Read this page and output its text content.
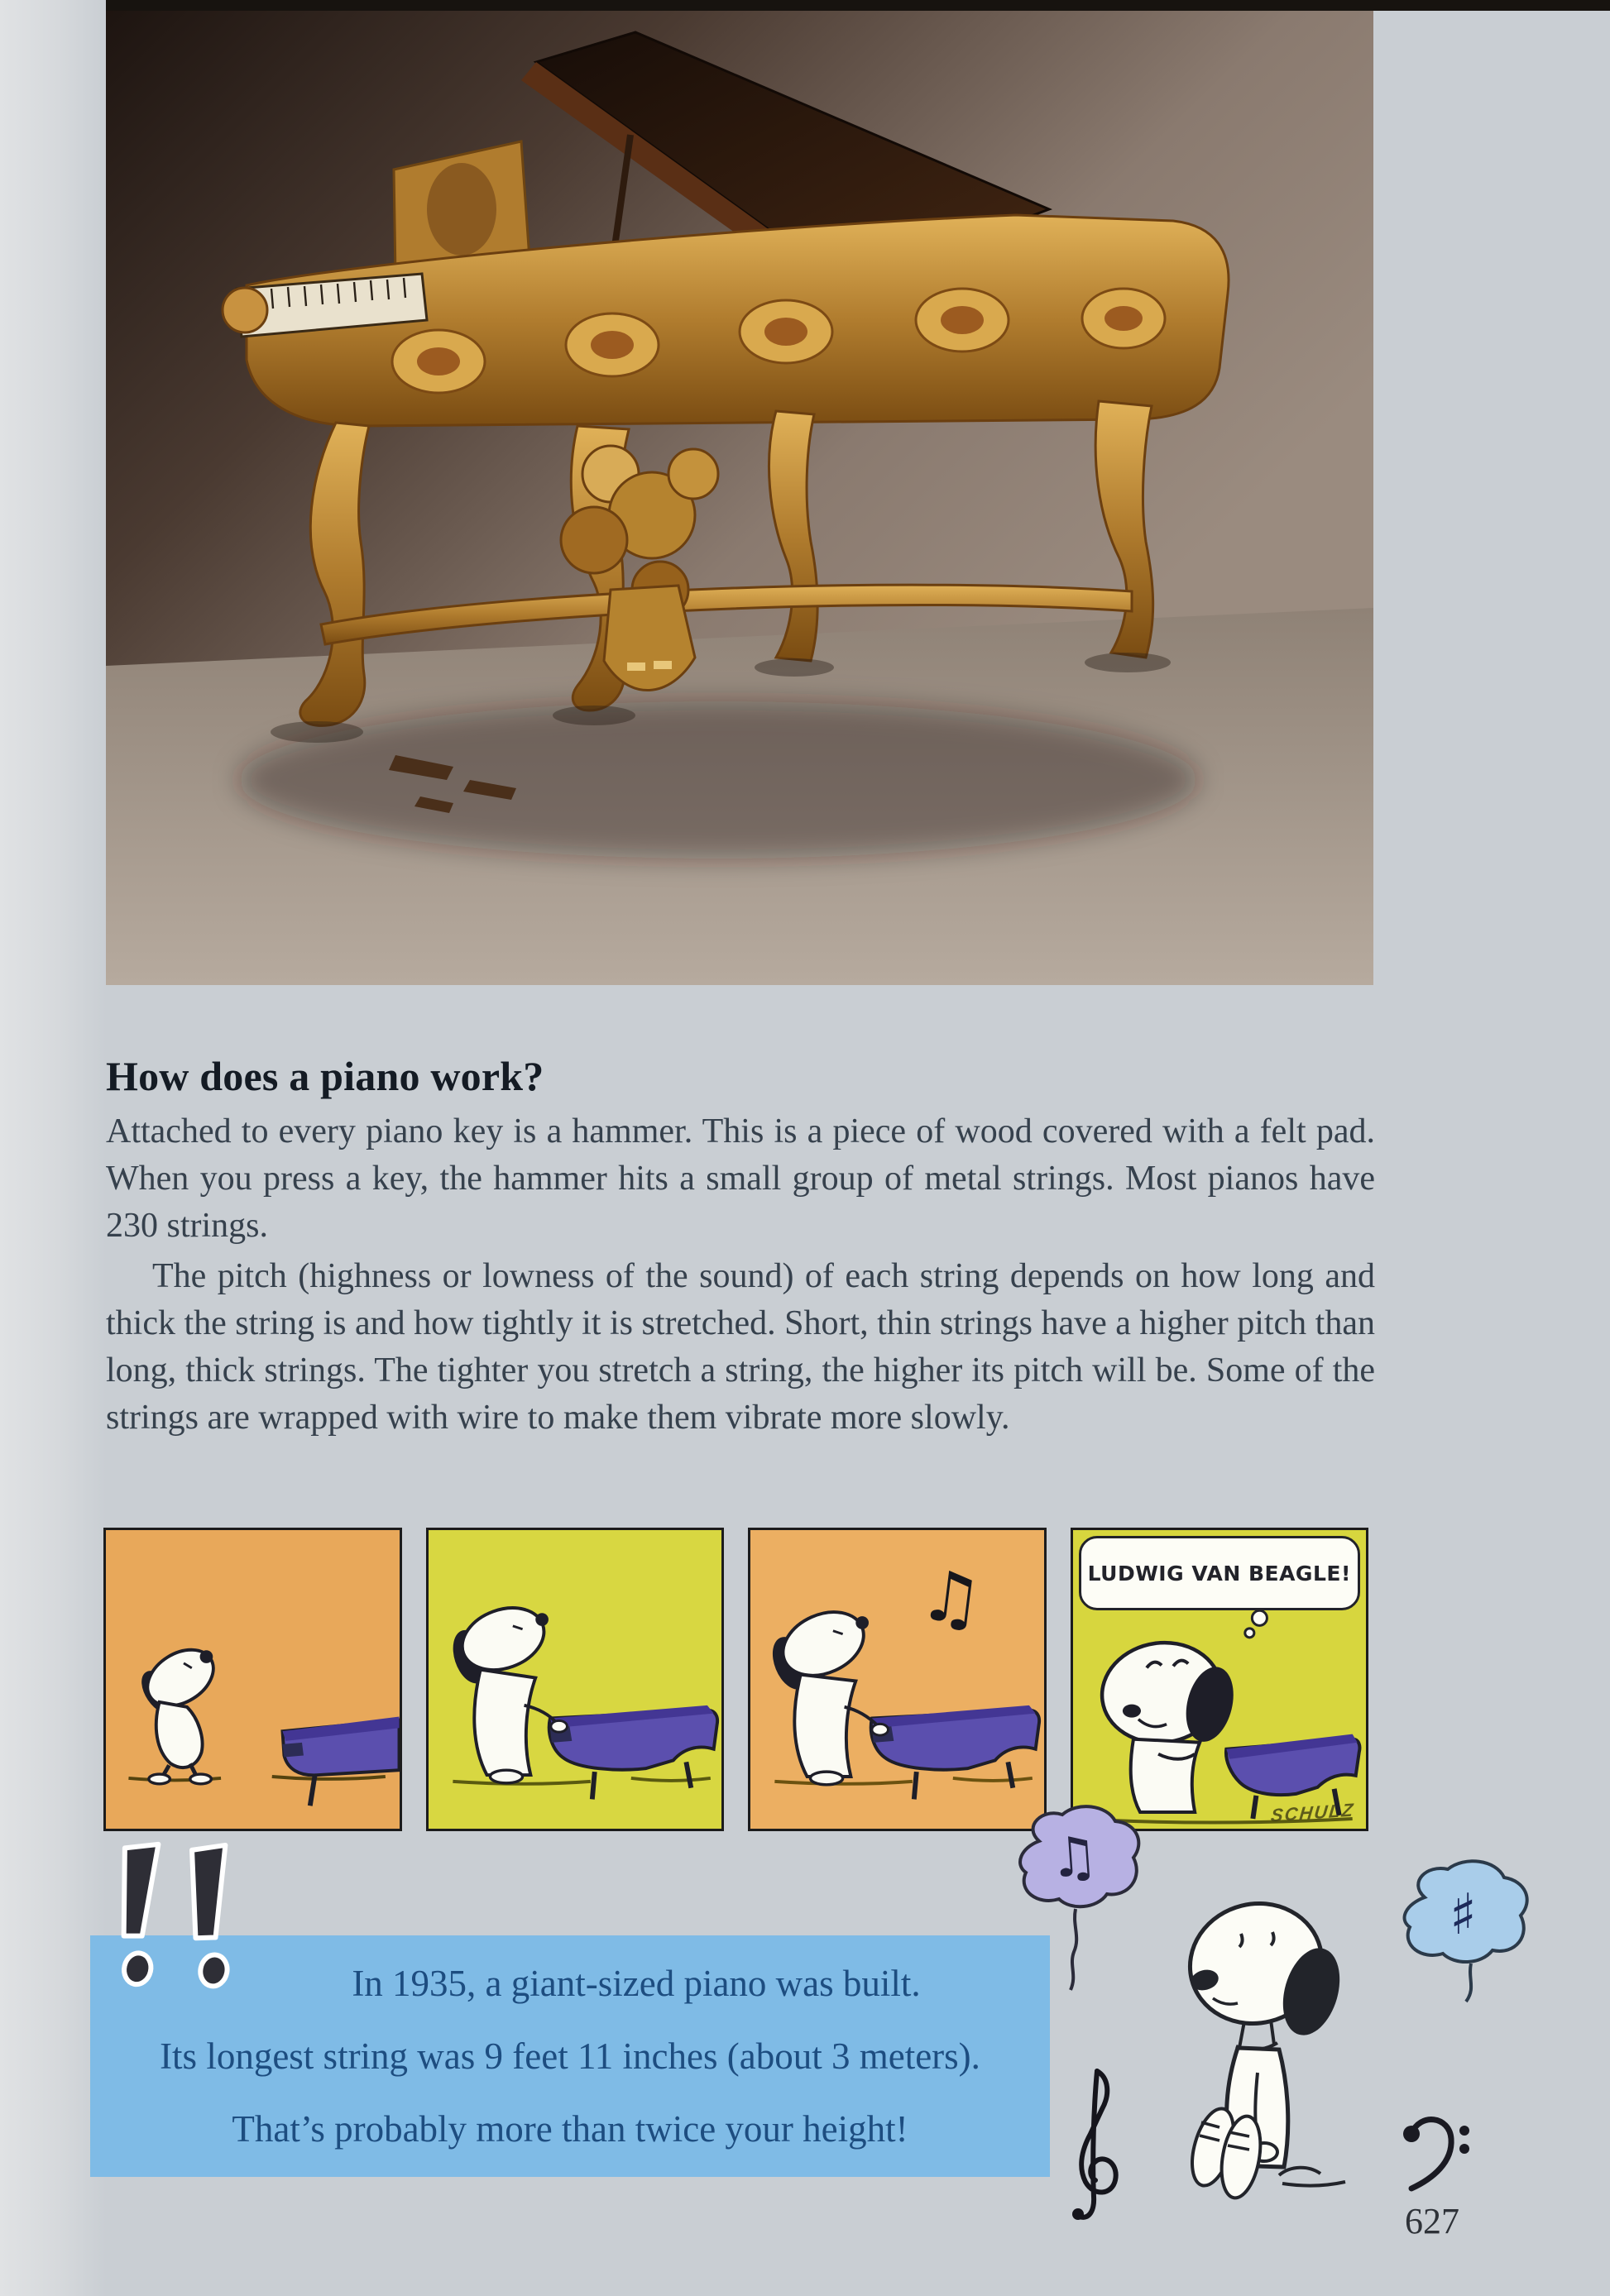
How does a piano work?

Attached to every piano key is a hammer. This is a piece of wood covered with a felt pad. When you press a key, the hammer hits a small group of metal strings. Most pianos have 230 strings.

The pitch (highness or lowness of the sound) of each string depends on how long and thick the string is and how tightly it is stretched. Short, thin strings have a higher pitch than long, thick strings. The tighter you stretch a string, the higher its pitch will be. Some of the strings are wrapped with wire to make them vibrate more slowly.

♫	LUDWIG VAN BEAGLE!
SCHULZ
In 1935, a giant-sized piano was built.
Its longest string was 9 feet 11 inches (about 3 meters).
That’s probably more than twice your height!
♫
♯
627
